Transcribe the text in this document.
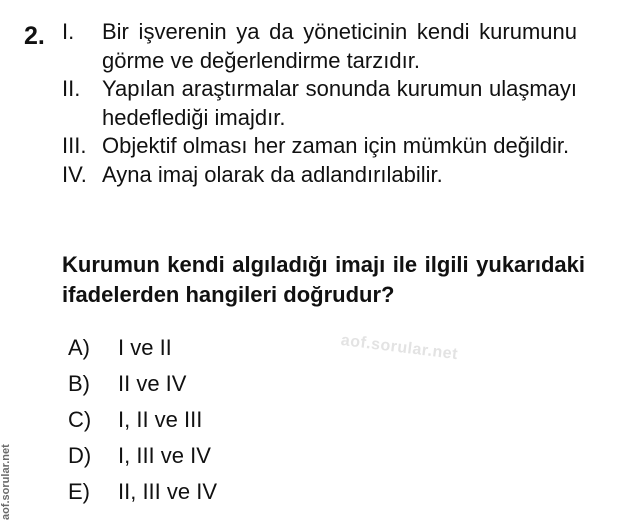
2. I.	Bir işverenin ya da yöneticinin kendi kurumunu görme ve değerlendirme tarzıdır.
II. Yapılan araştırmalar sonunda kurumun ulaşmayı hedeflediği imajdır.
III. Objektif olması her zaman için mümkün değildir.
IV. Ayna imaj olarak da adlandırılabilir.
Kurumun kendi algıladığı imajı ile ilgili yukarıdaki ifadelerden hangileri doğrudur?
aof.sorular.net
A)	I ve II
B)	II ve IV
C)	I, II ve III
D)	I, III ve IV
E)	II, III ve IV
aof.sorular.net
